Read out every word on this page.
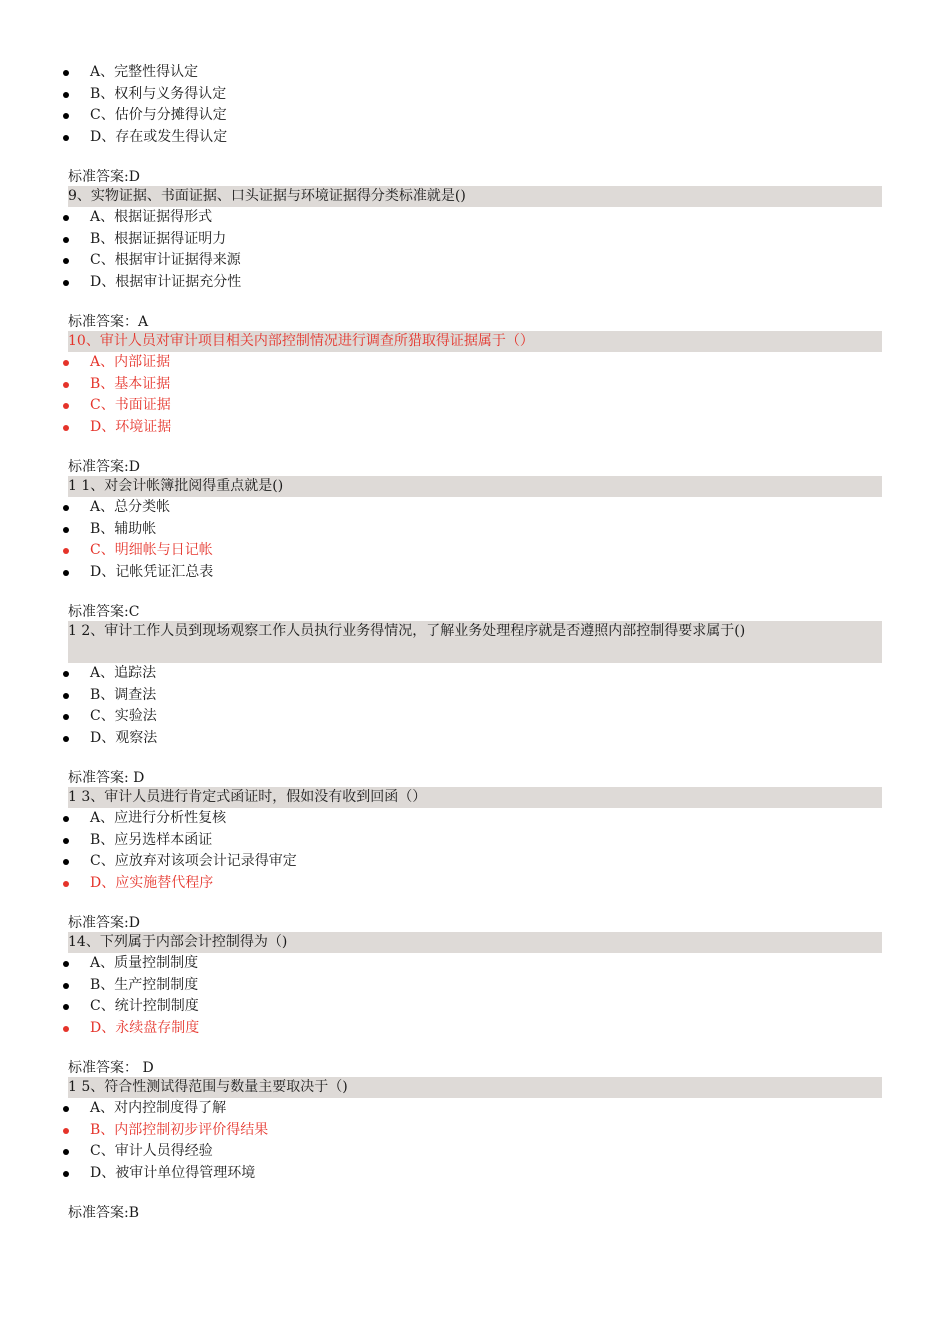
A、完整性得认定
B、权利与义务得认定
C、估价与分摊得认定
D、存在或发生得认定
标准答案:D
9、实物证据、书面证据、口头证据与环境证据得分类标准就是()
A、根据证据得形式
B、根据证据得证明力
C、根据审计证据得来源
D、根据审计证据充分性
标准答案：A
10、审计人员对审计项目相关内部控制情况进行调查所猎取得证据属于（）
A、内部证据
B、基本证据
C、书面证据
D、环境证据
标准答案:D
1 1、对会计帐簿批阅得重点就是()
A、总分类帐
B、辅助帐
C、明细帐与日记帐
D、记帐凭证汇总表
标准答案:C
1 2、审计工作人员到现场观察工作人员执行业务得情况，了解业务处理程序就是否遵照内部控制得要求属于()
A、追踪法
B、调查法
C、实验法
D、观察法
标准答案: D
1 3、审计人员进行肯定式函证时，假如没有收到回函（）
A、应进行分析性复核
B、应另选样本函证
C、应放弃对该项会计记录得审定
D、应实施替代程序
标准答案:D
14、下列属于内部会计控制得为（)
A、质量控制制度
B、生产控制制度
C、统计控制制度
D、永续盘存制度
标准答案： D
1 5、符合性测试得范围与数量主要取决于（)
A、对内控制度得了解
B、内部控制初步评价得结果
C、审计人员得经验
D、被审计单位得管理环境
标准答案:B
